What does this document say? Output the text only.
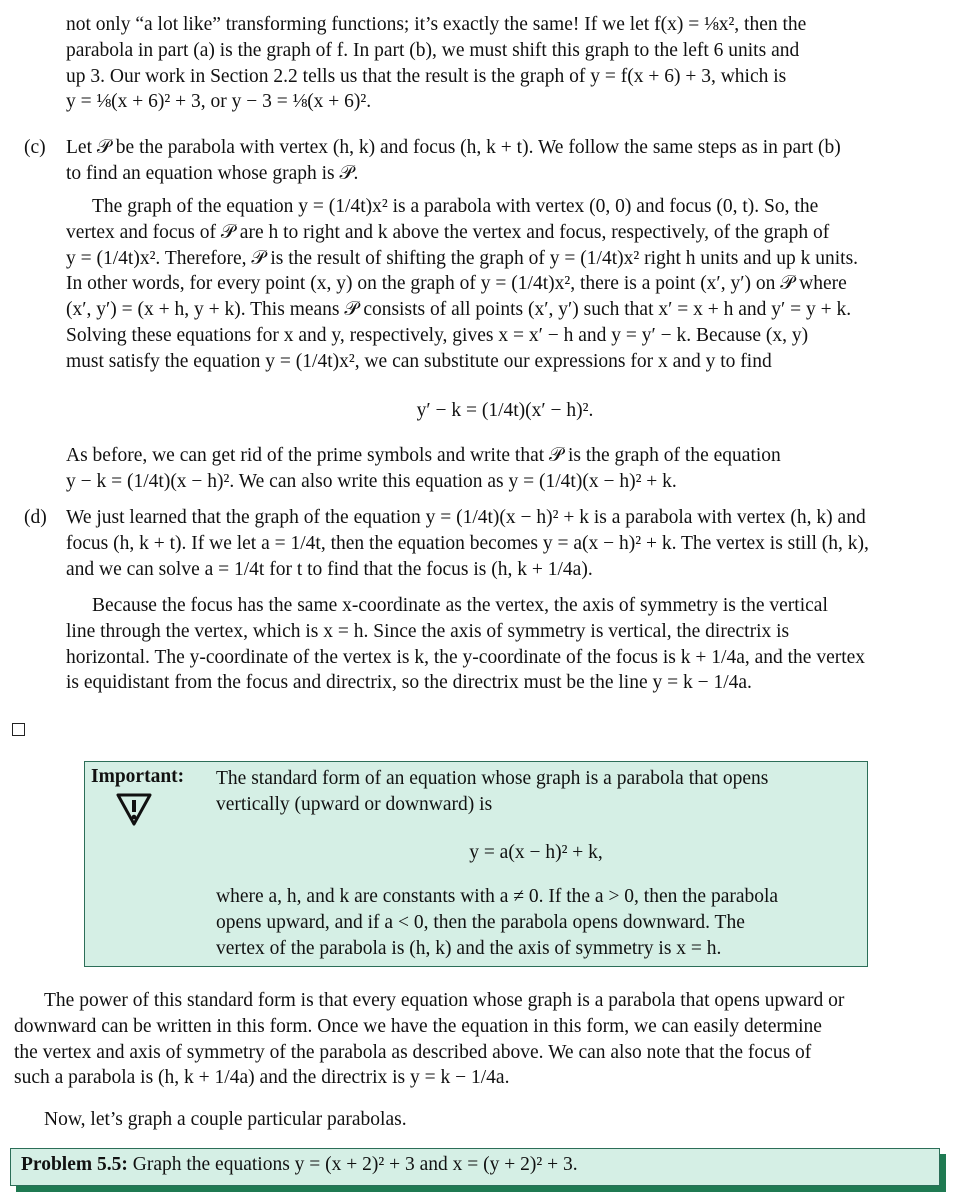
not only “a lot like” transforming functions; it’s exactly the same! If we let f(x) = ⅛x², then the
parabola in part (a) is the graph of f. In part (b), we must shift this graph to the left 6 units and
up 3. Our work in Section 2.2 tells us that the result is the graph of y = f(x + 6) + 3, which is
y = ⅛(x + 6)² + 3, or y − 3 = ⅛(x + 6)².
(c) Let 𝒫 be the parabola with vertex (h, k) and focus (h, k + t). We follow the same steps as in part (b)
to find an equation whose graph is 𝒫.
The graph of the equation y = (1/4t)x² is a parabola with vertex (0, 0) and focus (0, t). So, the
vertex and focus of 𝒫 are h to right and k above the vertex and focus, respectively, of the graph of
y = (1/4t)x². Therefore, 𝒫 is the result of shifting the graph of y = (1/4t)x² right h units and up k units.
In other words, for every point (x, y) on the graph of y = (1/4t)x², there is a point (x′, y′) on 𝒫 where
(x′, y′) = (x + h, y + k). This means 𝒫 consists of all points (x′, y′) such that x′ = x + h and y′ = y + k.
Solving these equations for x and y, respectively, gives x = x′ − h and y = y′ − k. Because (x, y)
must satisfy the equation y = (1/4t)x², we can substitute our expressions for x and y to find
y′ − k = (1/4t)(x′ − h)².
As before, we can get rid of the prime symbols and write that 𝒫 is the graph of the equation
y − k = (1/4t)(x − h)². We can also write this equation as y = (1/4t)(x − h)² + k.
(d) We just learned that the graph of the equation y = (1/4t)(x − h)² + k is a parabola with vertex (h, k) and
focus (h, k + t). If we let a = 1/4t, then the equation becomes y = a(x − h)² + k. The vertex is still (h, k),
and we can solve a = 1/4t for t to find that the focus is (h, k + 1/4a).
Because the focus has the same x-coordinate as the vertex, the axis of symmetry is the vertical
line through the vertex, which is x = h. Since the axis of symmetry is vertical, the directrix is
horizontal. The y-coordinate of the vertex is k, the y-coordinate of the focus is k + 1/4a, and the vertex
is equidistant from the focus and directrix, so the directrix must be the line y = k − 1/4a.
Important: The standard form of an equation whose graph is a parabola that opens
vertically (upward or downward) is
y = a(x − h)² + k,
where a, h, and k are constants with a ≠ 0. If the a > 0, then the parabola
opens upward, and if a < 0, then the parabola opens downward. The
vertex of the parabola is (h, k) and the axis of symmetry is x = h.
The power of this standard form is that every equation whose graph is a parabola that opens upward or
downward can be written in this form. Once we have the equation in this form, we can easily determine
the vertex and axis of symmetry of the parabola as described above. We can also note that the focus of
such a parabola is (h, k + 1/4a) and the directrix is y = k − 1/4a.
Now, let’s graph a couple particular parabolas.
Problem 5.5: Graph the equations y = (x + 2)² + 3 and x = (y + 2)² + 3.
